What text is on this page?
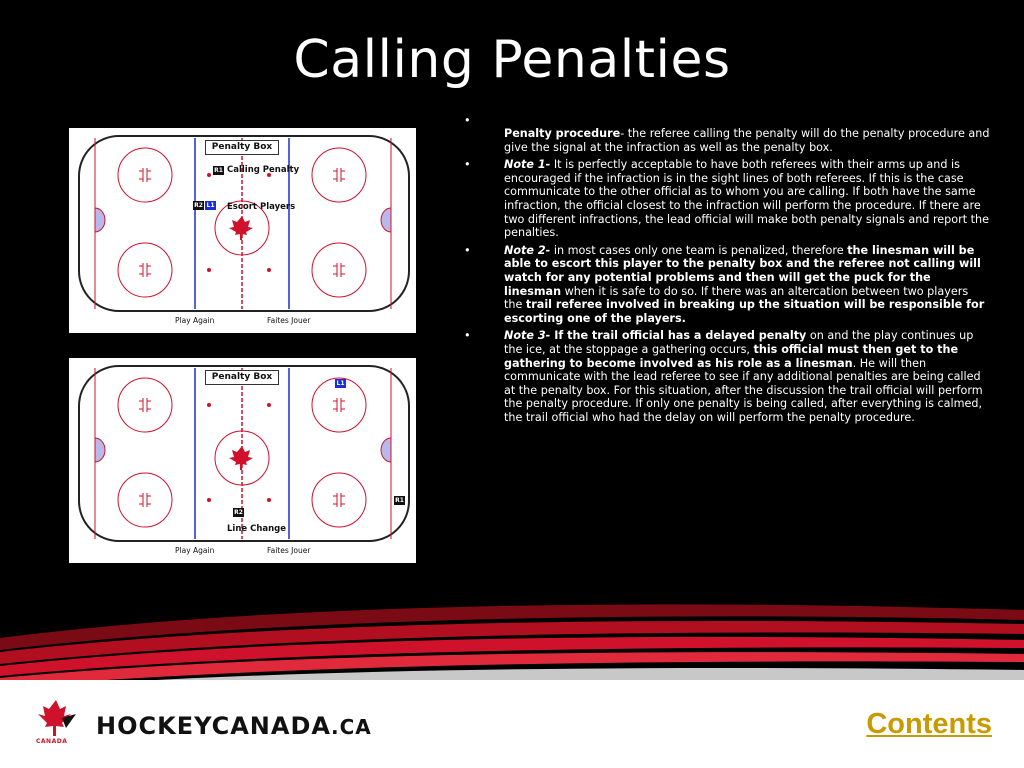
Calling Penalties
Penalty Box
R1 Calling Penalty
R2 L1 Escort Players
Play Again	Faites Jouer
Penalty Box
L1
R2
Line Change
R1
Play Again	Faites Jouer
•
Penalty procedure- the referee calling the penalty will do the penalty procedure and give the signal at the infraction as well as the penalty box.
•	Note 1- It is perfectly acceptable to have both referees with their arms up and is encouraged if the infraction is in the sight lines of both referees. If this is the case communicate to the other official as to whom you are calling. If both have the same infraction, the official closest to the infraction will perform the procedure. If there are two different infractions, the lead official will make both penalty signals and report the penalties.
•	Note 2- in most cases only one team is penalized, therefore the linesman will be able to escort this player to the penalty box and the referee not calling will watch for any potential problems and then will get the puck for the linesman when it is safe to do so. If there was an altercation between two players the trail referee involved in breaking up the situation will be responsible for escorting one of the players.
•	Note 3- If the trail official has a delayed penalty on and the play continues up the ice, at the stoppage a gathering occurs, this official must then get to the gathering to become involved as his role as a linesman. He will then communicate with the lead referee to see if any additional penalties are being called at the penalty box. For this situation, after the discussion the trail official will perform the penalty procedure. If only one penalty is being called, after everything is calmed, the trail official who had the delay on will perform the penalty procedure.
CANADA
HOCKEYCANADA.CA	Contents
